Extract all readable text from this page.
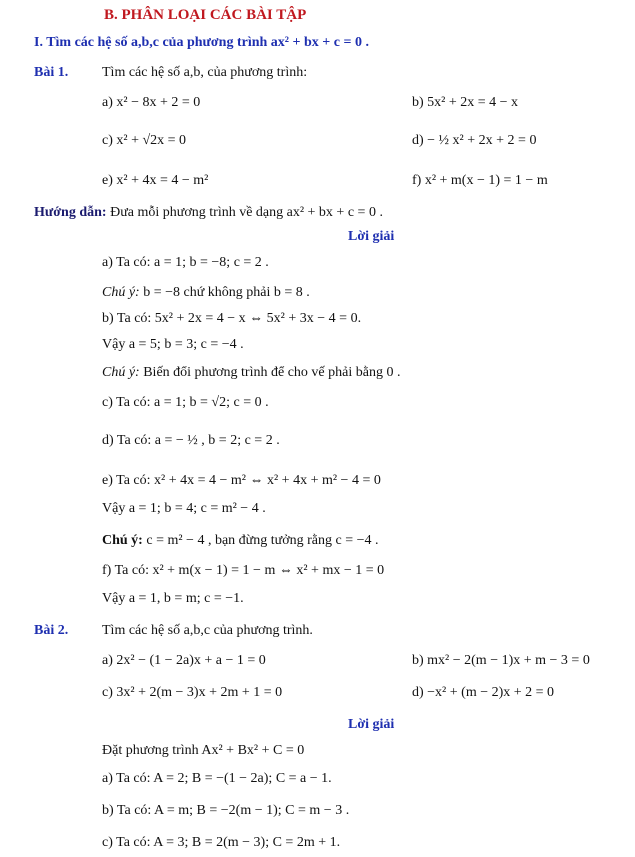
B. PHÂN LOẠI CÁC BÀI TẬP
I. Tìm các hệ số a,b,c của phương trình ax² + bx + c = 0 .
Bài 1. Tìm các hệ số a,b, của phương trình:
a) x² − 8x + 2 = 0	b) 5x² + 2x = 4 − x
c) x² + √2x = 0	d) − ½ x² + 2x + 2 = 0
e) x² + 4x = 4 − m²	f) x² + m(x − 1) = 1 − m
Hướng dẫn: Đưa mỗi phương trình về dạng ax² + bx + c = 0 .
Lời giải
a) Ta có: a = 1; b = −8; c = 2 .
Chú ý: b = −8 chứ không phải b = 8 .
b) Ta có: 5x² + 2x = 4 − x ⇔ 5x² + 3x − 4 = 0.
Vậy a = 5; b = 3; c = −4 .
Chú ý: Biến đổi phương trình để cho vế phải bằng 0 .
c) Ta có: a = 1; b = √2; c = 0 .
d) Ta có: a = − ½ , b = 2; c = 2 .
e) Ta có: x² + 4x = 4 − m² ⇔ x² + 4x + m² − 4 = 0
Vậy a = 1; b = 4; c = m² − 4 .
Chú ý: c = m² − 4 , bạn đừng tưởng rằng c = −4 .
f) Ta có: x² + m(x − 1) = 1 − m ⇔ x² + mx − 1 = 0
Vậy a = 1, b = m; c = −1.
Bài 2. Tìm các hệ số a,b,c của phương trình.
a) 2x² − (1 − 2a)x + a − 1 = 0	b) mx² − 2(m − 1)x + m − 3 = 0
c) 3x² + 2(m − 3)x + 2m + 1 = 0	d) −x² + (m − 2)x + 2 = 0
Lời giải
Đặt phương trình Ax² + Bx² + C = 0
a) Ta có: A = 2; B = −(1 − 2a); C = a − 1.
b) Ta có: A = m; B = −2(m − 1); C = m − 3 .
c) Ta có: A = 3; B = 2(m − 3); C = 2m + 1.
